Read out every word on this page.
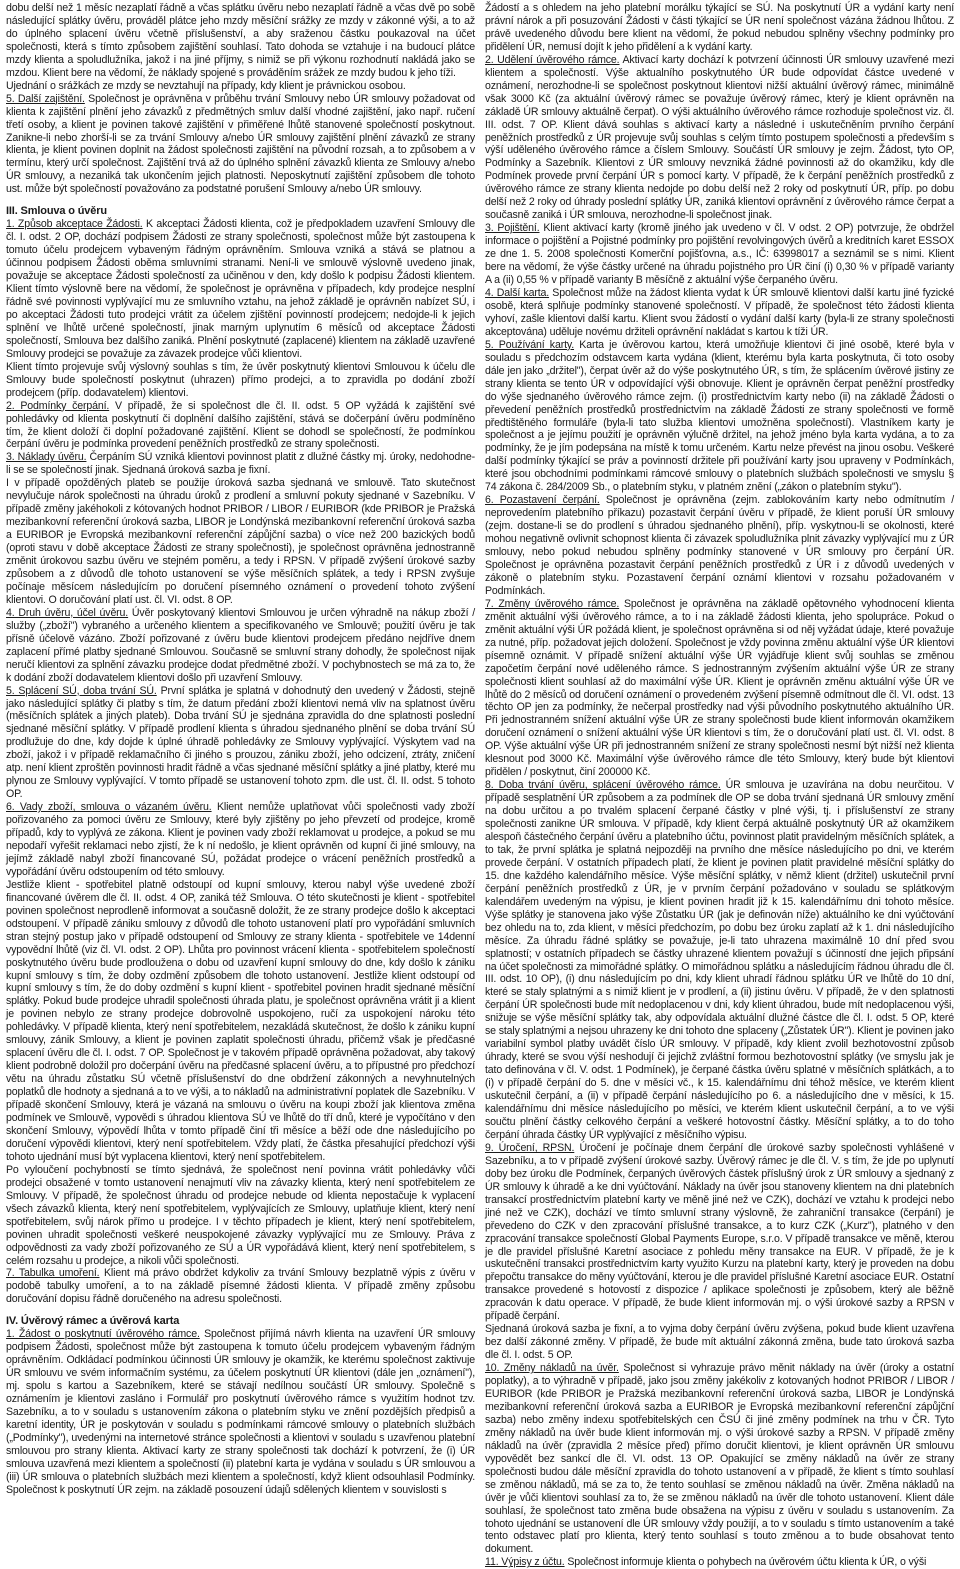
dobu delší než 1 měsíc nezaplatí řádně a včas splátku úvěru nebo nezaplatí řádně a včas dvě po sobě následující splátky úvěru, prováděl plátce jeho mzdy měsíční srážky ze mzdy v zákonné výši, a to až do úplného splacení úvěru včetně příslušenství, a aby sraženou částku poukazoval na účet společnosti, která s tímto způsobem zajištění souhlasí. Tato dohoda se vztahuje i na budoucí plátce mzdy klienta a spoludlužníka, jakož i na jiné příjmy, s nimiž se při výkonu rozhodnutí nakládá jako se mzdou. Klient bere na vědomí, že náklady spojené s prováděním srážek ze mzdy budou k jeho tíži.

Ujednání o srážkách ze mzdy se nevztahují na případy, kdy klient je právnickou osobou.

5. Další zajištění. Společnost je oprávněna v průběhu trvání Smlouvy nebo ÚR smlouvy požadovat od klienta k zajištění plnění jeho závazků z předmětných smluv další vhodné zajištění, jako např. ručení třetí osoby, a klient je povinen takové zajištění v přiměřené lhůtě stanovené společností poskytnout. Zanikne-li nebo zhorší-li se za trvání Smlouvy a/nebo ÚR smlouvy zajištění plnění závazků ze strany klienta, je klient povinen doplnit na žádost společnosti zajištění na původní rozsah, a to způsobem a v termínu, který určí společnost. Zajištění trvá až do úplného splnění závazků klienta ze Smlouvy a/nebo ÚR smlouvy, a nezaniká tak ukončením jejich platnosti. Neposkytnutí zajištění způsobem dle tohoto ust. může být společností považováno za podstatné porušení Smlouvy a/nebo ÚR smlouvy.

III. Smlouva o úvěru

1. Způsob akceptace Žádosti. K akceptaci Žádosti klienta, což je předpokladem uzavření Smlouvy dle čl. I. odst. 2 OP, dochází podpisem Žádosti ze strany společnosti, společnost může být zastoupena k tomuto účelu prodejcem vybaveným řádným oprávněním. Smlouva vzniká a stává se platnou a účinnou podpisem Žádosti oběma smluvními stranami. Není-li ve smlouvě výslovně uvedeno jinak, považuje se akceptace Žádosti společností za učiněnou v den, kdy došlo k podpisu Žádosti klientem. Klient tímto výslovně bere na vědomí, že společnost je oprávněna v případech, kdy prodejce nesplní řádně své povinnosti vyplývající mu ze smluvního vztahu, na jehož základě je oprávněn nabízet SÚ, i po akceptaci Žádosti tuto prodejci vrátit za účelem zjištění povinností prodejcem; nedojde-li k jejich splnění ve lhůtě určené společností, jinak marným uplynutím 6 měsíců od akceptace Žádosti společností, Smlouva bez dalšího zaniká. Plnění poskytnuté (zaplacené) klientem na základě uzavřené Smlouvy prodejci se považuje za závazek prodejce vůči klientovi.

Klient tímto projevuje svůj výslovný souhlas s tím, že úvěr poskytnutý klientovi Smlouvou k účelu dle Smlouvy bude společností poskytnut (uhrazen) přímo prodejci, a to zpravidla po dodání zboží prodejcem (příp. dodavatelem) klientovi.

2. Podmínky čerpání. V případě, že si společnost dle čl. II. odst. 5 OP vyžádá k zajištění své pohledávky od klienta poskytnutí či doplnění dalšího zajištění, stává se dočerpání úvěru podmíněno tím, že klient doloží či doplní požadované zajištění. Klient se dohodl se společností, že podmínkou čerpání úvěru je podmínka provedení peněžních prostředků ze strany společnosti.

3. Náklady úvěru. Čerpáním SÚ vzniká klientovi povinnost platit z dlužné částky mj. úroky, nedohodne-li se se společností jinak. Sjednaná úroková sazba je fixní.

I v případě opožděných plateb se použije úroková sazba sjednaná ve smlouvě. Tato skutečnost nevylučuje nárok společnosti na úhradu úroků z prodlení a smluvní pokuty sjednané v Sazebníku. V případě změny jakéhokoli z kótovaných hodnot PRIBOR / LIBOR / EURIBOR (kde PRIBOR je Pražská mezibankovní referenční úroková sazba, LIBOR je Londýnská mezibankovní referenční úroková sazba a EURIBOR je Evropská mezibankovní referenční zápůjční sazba) o více než 200 bazických bodů (oproti stavu v době akceptace Žádosti ze strany společnosti), je společnost oprávněna jednostranně změnit úrokovou sazbu úvěru ve stejném poměru, a tedy i RPSN. V případě zvýšení úrokové sazby způsobem a z důvodů dle tohoto ustanovení se výše měsíčních splátek, a tedy i RPSN zvyšuje počínaje měsícem následujícím po doručení písemného oznámení o provedení tohoto zvýšení klientovi. O doručování platí ust. čl. VI. odst. 8 OP.

4. Druh úvěru, účel úvěru. Úvěr poskytovaný klientovi Smlouvou je určen výhradně na nákup zboží / služby („zboží") vybraného a určeného klientem a specifikovaného ve Smlouvě; použití úvěru je tak přísně účelově vázáno. Zboží pořizované z úvěru bude klientovi prodejcem předáno nejdříve dnem zaplacení přímé platby sjednané Smlouvou. Současně se smluvní strany dohodly, že společnost nijak neručí klientovi za splnění závazku prodejce dodat předmětné zboží. V pochybnostech se má za to, že k dodání zboží dodavatelem klientovi došlo při uzavření Smlouvy.

5. Splácení SÚ, doba trvání SÚ. První splátka je splatná v dohodnutý den uvedený v Žádosti, stejně jako následující splátky či platby s tím, že datum předání zboží klientovi nemá vliv na splatnost úvěru (měsíčních splátek a jiných plateb). Doba trvání SÚ je sjednána zpravidla do dne splatnosti poslední sjednané měsíční splátky. V případě prodlení klienta s úhradou sjednaného plnění se doba trvání SÚ prodlužuje do dne, kdy dojde k úplné úhradě pohledávky ze Smlouvy vyplývající. Výskytem vad na zboží, jakož i v případě reklamačního či jiného s prouzou, zániku zboží, jeho odcizení, ztráty, zničení atp. není klient zproštěn povinnosti hradit řádně a včas sjednané měsíční splátky a jiné platby, které mu plynou ze Smlouvy vyplývající. V tomto případě se ustanovení tohoto zpm. dle ust. čl. II. odst. 5 tohoto OP.

6. Vady zboží, smlouva o vázaném úvěru. Klient nemůže uplatňovat vůči společnosti vady zboží pořizovaného za pomoci úvěru ze Smlouvy, které byly zjištěny po jeho převzetí od prodejce, kromě případů, kdy to vyplývá ze zákona. Klient je povinen vady zboží reklamovat u prodejce, a pokud se mu nepodaří vyřešit reklamaci nebo zjistí, že k ní nedošlo, je klient oprávněn od kupní či jiné smlouvy, na jejímž základě nabyl zboží financované SÚ, požádat prodejce o vrácení peněžních prostředků a vypořádání úvěru odstoupením od této smlouvy.

Jestliže klient - spotřebitel platně odstoupí od kupní smlouvy, kterou nabyl výše uvedené zboží financované úvěrem dle čl. II. odst. 4 OP, zaniká též Smlouva. O této skutečnosti je klient - spotřebitel povinen společnost neprodleně informovat a současně doložit, že ze strany prodejce došlo k akceptaci odstoupení. V případě zániku smlouvy z důvodů dle tohoto ustanovení platí pro vypořádání smluvních stran stejný postup jako v případě odstoupení od Smlouvy ze strany klienta - spotřebitele ve 14denní vypovědní lhůtě (viz čl. VI. odst. 2 OP). Lhůta pro povinnost vrácení klienta - spotřebitelem společností poskytnutého úvěru bude prodloužena o dobu od uzavření kupní smlouvy do dne, kdy došlo k zániku kupní smlouvy s tím, že doby ozdmění způsobem dle tohoto ustanovení. Jestliže klient odstoupí od kupní smlouvy s tím, že do doby ozdmění s kupní klient - spotřebitel povinen hradit sjednané měsíční splátky. Pokud bude prodejce uhradil společnosti úhrada platu, je společnost oprávněna vrátit ji a klient je povinen nebylo ze strany prodejce dobrovolně uspokojeno, ručí za uspokojení nároku této pohledávky. V případě klienta, který není spotřebitelem, nezakládá skutečnost, že došlo k zániku kupní smlouvy, zánik Smlouvy, a klient je povinen zaplatit společnosti úhradu, přičemž však je předčasné splacení úvěru dle čl. I. odst. 7 OP. Společnost je v takovém případě oprávněna požadovat, aby takový klient podrobně doložil pro dočerpání úvěru na předčasné splacení úvěru, a to přípustné pro předchozí větu na úhradu zůstatku SÚ včetně příslušenství do dne obdržení zákonných a nevyhnutelných poplatků dle hodnoty a sjednaná a to ve výši, a to nákladů na administrativní poplatek dle Sazebníku. V případě skončení Smlouvy, která je vázaná na smlouvu o úvěru na koupi zboží jak klientova změna podmínek ve Smlouvě, vypovědi s úhradou klientova SÚ ve lhůtě do tří dnů, které je vypočítáno v den skončení Smlouvy, výpovědí lhůta v tomto případě činí tři měsíce a běží ode dne následujícího po doručení výpovědi klientovi, který není spotřebitelem. Vždy platí, že částka přesahující předchozí výši tohoto ujednání musí být vyplacena klientovi, který není spotřebitelem.

Po vyloučení pochybností se tímto sjednává, že společnost není povinna vrátit pohledávky vůči prodejci obsažené v tomto ustanovení nenajmutí vliv na závazky klienta, který není spotřebitelem ze Smlouvy. V případě, že společnost úhradu od prodejce nebude od klienta nepostačuje k vyplacení všech závazků klienta, který není spotřebitelem, vyplývajících ze Smlouvy, uplatňuje klient, který není spotřebitelem, svůj nárok přímo u prodejce. I v těchto případech je klient, který není spotřebitelem, povinen uhradit společnosti veškeré neuspokojené závazky vyplývající mu ze Smlouvy. Práva z odpovědnosti za vady zboží pořizovaného ze SÚ a ÚR vypořádává klient, který není spotřebitelem, s celém rozsahu u prodejce, a nikoli vůči společnosti.

7. Tabulka umoření. Klient má právo obdržet kdykoliv za trvání Smlouvy bezplatně výpis z úvěru v podobě tabulky umoření, a to na základě písemné žádosti klienta. V případě změny způsobu doručování dopisu řádně doručeného na adresu společnosti.

IV. Úvěrový rámec a úvěrová karta

1. Žádost o poskytnutí úvěrového rámce. Společnost přijímá návrh klienta na uzavření ÚR smlouvy podpisem Žádosti, společnost může být zastoupena k tomuto účelu prodejcem vybaveným řádným oprávněním. Odkládací podmínkou účinnosti ÚR smlouvy je okamžik, ke kterému společnost zaktivuje ÚR smlouvu ve svém informačním systému, za účelem poskytnutí ÚR klientovi (dále jen „oznámení"), mj. spolu s kartou a Sazebníkem, které se stávají nedílnou součástí ÚR smlouvy. Společně s oznámením je klientovi zasláno i Formulář pro poskytnutí úvěrového rámce s využitím hodnot tzv. Sazebníku, a to v souladu s ustanovením zákona o platebním styku ve znění pozdějších předpisů a karetní identity, ÚR je poskytován v souladu s podmínkami rámcové smlouvy o platebních službách („Podmínky"), uvedenými na internetové stránce společnosti a klientovi v souladu s uzavřenou platební smlouvou pro strany klienta. Aktivací karty ze strany společnosti tak dochází k potvrzení, že (i) ÚR smlouva uzavřená mezi klientem a společností (ii) platební karta je vydána v souladu s ÚR smlouvou a (iii) ÚR smlouva o platebních službách mezi klientem a společností, když klient odsouhlasil Podmínky. Společnost k poskytnutí ÚR zejm. na základě posouzení údajů sdělených klientem v souvislosti s

Žádostí a s ohledem na jeho platební morálku týkající se SÚ. Na poskytnutí ÚR a vydání karty není právní nárok a při posuzování Žádosti v části týkající se ÚR není společnost vázána žádnou lhůtou. Z právě uvedeného důvodu bere klient na vědomí, že pokud nebudou splněny všechny podmínky pro přidělení ÚR, nemusí dojít k jeho přidělení a k vydání karty.

2. Udělení úvěrového rámce. Aktivací karty dochází k potvrzení účinnosti ÚR smlouvy uzavřené mezi klientem a společností. Výše aktualního poskytnutého ÚR bude odpovídat částce uvedené v oznámení, nerozhodne-li se společnost poskytnout klientovi nižší aktuální úvěrový rámec, minimálně však 3000 Kč (za aktuální úvěrový rámec se považuje úvěrový rámec, který je klient oprávněn na základě ÚR smlouvy aktuálně čerpat). O výši aktuálního úvěrového rámce rozhoduje společnost viz. čl. III. odst. 7 OP. Klient dává souhlas s aktivací karty a následné i uskutečněním prvního čerpání peněžních prostředků z ÚR projevuje svůj souhlas s celým tímto postupem společnosti a především s výší uděleného úvěrového rámce a číslem Smlouvy. Součástí ÚR smlouvy je zejm. Žádost, tyto OP, Podmínky a Sazebník. Klientovi z ÚR smlouvy nevzniká žádné povinnosti až do okamžiku, kdy dle Podmínek provede první čerpání ÚR s pomocí karty. V případě, že k čerpání peněžních prostředků z úvěrového rámce ze strany klienta nedojde po dobu delší než 2 roky od poskytnutí ÚR, příp. po dobu delší než 2 roky od úhrady poslední splátky ÚR, zaniká klientovi oprávnění z úvěrového rámce čerpat a současně zaniká i ÚR smlouva, nerozhodne-li společnost jinak.

3. Pojištění. Klient aktivací karty (kromě jiného jak uvedeno v čl. V odst. 2 OP) potvrzuje, že obdržel informace o pojištění a Pojistné podmínky pro pojištění revolvingových úvěrů a kreditních karet ESSOX ze dne 1. 5. 2008 společnosti Komerční pojišťovna, a.s., IČ: 63998017 a seznámil se s nimi. Klient bere na vědomí, že výše částky určené na úhradu pojistného pro ÚR činí (i) 0,30 % v případě varianty A a (ii) 0,55 % v případě varianty B měsíčně z aktuální výše čerpaného úvěru.

4. Další karta. Společnost může na žádost klienta vydat k ÚR smlouvě klientovi další kartu jiné fyzické osobě, která splňuje podmínky stanovené společností. V případě, že společnost této žádosti klienta vyhoví, zašle klientovi další kartu. Klient svou žádostí o vydání další karty (byla-li ze strany společnosti akceptována) uděluje novému držiteli oprávnění nakládat s kartou k tíži ÚR.

5. Používání karty. Karta je úvěrovou kartou, která umožňuje klientovi či jiné osobě, které byla v souladu s předchozím odstavcem karta vydána (klient, kterému byla karta poskytnuta, či toto osoby dále jen jako „držitel"), čerpat úvěr až do výše poskytnutého ÚR, s tím, že splácením úvěrové jistiny ze strany klienta se tento ÚR v odpovídající výši obnovuje. Klient je oprávněn čerpat peněžní prostředky do výše sjednaného úvěrového rámce zejm. (i) prostřednictvím karty nebo (ii) na základě Žádosti o převedení peněžních prostředků prostřednictvím na základě Žádosti ze strany společnosti ve formě předtištěného formuláře (byla-li tato služba klientovi umožněna společností). Vlastníkem karty je společnost a je jejímu použití je oprávněn výlučně držitel, na jehož jméno byla karta vydána, a to za podmínky, že je jím podepsána na místě k tomu určeném. Kartu nelze převést na jinou osobu. Veškeré další podmínky týkající se práv a povinností držitele při používání karty jsou upraveny v Podmínkách, které jsou obchodními podmínkami rámcové smlouvy o platebních službách společnosti ve smyslu § 74 zákona č. 284/2009 Sb., o platebním styku, v platném znění („zákon o platebním styku").

6. Pozastavení čerpání. Společnost je oprávněna (zejm. zablokováním karty nebo odmítnutím / neprovedením platebního příkazu) pozastavit čerpání úvěru v případě, že klient poruší ÚR smlouvy (zejm. dostane-li se do prodlení s úhradou sjednaného plnění), příp. vyskytnou-li se okolnosti, které mohou negativně ovlivnit schopnost klienta či závazek spoludlužníka plnit závazky vyplývající mu z ÚR smlouvy, nebo pokud nebudou splněny podmínky stanovené v ÚR smlouvy pro čerpání ÚR. Společnost je oprávněna pozastavit čerpání peněžních prostředků z ÚR i z důvodů uvedených v zákoně o platebním styku. Pozastavení čerpání oznámí klientovi v rozsahu požadovaném v Podmínkách.

7. Změny úvěrového rámce. Společnost je oprávněna na základě opětovného vyhodnocení klienta změnit aktuální výši úvěrového rámce, a to i na základě žádosti klienta, jeho spolupráce. Pokud o změnit aktuální výši ÚR požádá klient, je společnost oprávněna si od něj vyžádat údaje, které považuje za nutné, příp. požadovat jejich doložení. Společnost je vždy povinna změnu aktuální výše ÚR klientovi písemně oznámit. V případě snížení aktuální výše ÚR vyjádřuje klient svůj souhlas se změnou započetím čerpání nové uděleného rámce. S jednostranným zvýšením aktuální výše ÚR ze strany společnosti klient souhlasí až do maximální výše ÚR. Klient je oprávněn změnu aktuální výše ÚR ve lhůtě do 2 měsíců od doručení oznámení o provedeném zvýšení písemně odmítnout dle čl. VI. odst. 13 těchto OP jen za podmínky, že nečerpal prostředky nad výši původního poskytnutého aktuálního ÚR. Při jednostranném snížení aktuální výše ÚR ze strany společnosti bude klient informován okamžikem doručení oznámení o snížení aktuální výše ÚR klientovi s tím, že o doručování platí ust. čl. VI. odst. 8 OP. Výše aktuální výše ÚR při jednostranném snížení ze strany společnosti nesmí být nižší než klienta klesnout pod 3000 Kč. Maximální výše úvěrového rámce dle této Smlouvy, který bude být klientovi přidělen / poskytnut, činí 200000 Kč.

8. Doba trvání úvěru, splácení úvěrového rámce. ÚR smlouva je uzavírána na dobu neurčitou. V případě sesplatnění ÚR způsobem a za podmínek dle OP se doba trvání sjednaná ÚR smlouvy změní na dobu určitou a po trvalém splacení čerpané částky v plné výši, tj. i příslušenství ze strany společnosti zanikne ÚR smlouva. V případě, kdy klient čerpá aktuálně poskytnutý ÚR až okamžikem alespoň částečného čerpání úvěru a platebního účtu, povinnost platit pravidelným měsíčních splátek, a to tak, že první splátka je splatná nejpozději na prvního dne měsíce následujícího po dni, ve kterém provede čerpání. V ostatních případech platí, že klient je povinen platit pravidelné měsíční splátky do 15. dne každého kalendářního měsíce. Výše měsíční splátky, v němž klient (držitel) uskutečnil první čerpání peněžních prostředků z ÚR, je v prvním čerpání požadováno v souladu se splátkovým kalendářem uvedeným na výpisu, je klient povinen hradit již k 15. kalendářnímu dni tohoto měsíce. Výše splátky je stanovena jako výše Zůstatku ÚR (jak je definován níže) aktuálního ke dni vyúčtování bez ohledu na to, zda klient, v měsíci předchozím, po dobu bez úroku zaplatí až k 1. dni následujícího měsíce. Za úhradu řádné splátky se považuje, je-li tato uhrazena maximálně 10 dní před svou splatností; v ostatních případech se částky uhrazené klientem považují s účinností dne jejich připsání na účet společnosti za mimořádné splátky. O mimořádnou splátku a následujícím řádnou úhradu dle čl. III. odst. 10 OP), (i) dnu následujícím po dni, kdy klient uhradí řádnou splátku ÚR ve lhůtě do 10 dní, které se staly splatnými a s nimiž klient je v prodlení, a (ii) jistinu úvěru. V případě, že v den splatnosti čerpání ÚR společnosti bude mít nedoplacenou v dni, kdy klient úhradou, bude mít nedoplacenou výši, snižuje se výše měsíční splátky tak, aby odpovídala aktuální dlužné částce dle čl. I. odst. 5 OP, které se staly splatnými a nejsou uhrazeny ke dni tohoto dne splaceny („Zůstatek ÚR"). Klient je povinen jako variabilní symbol platby uvádět číslo ÚR smlouvy. V případě, kdy klient zvolil bezhotovostní způsob úhrady, které se svou výší neshodují či jejichž zvláštní formou bezhotovostní splátky (ve smyslu jak je tato definována v čl. V. odst. 1 Podmínek), je čerpané částka úvěru splatné v měsíčních splátkách, a to (i) v případě čerpání do 5. dne v měsíci vč., k 15. kalendářnímu dni téhož měsíce, ve kterém klient uskutečnil čerpání, a (ii) v případě čerpání následujícího po 6. a následujícího dne v měsíci, k 15. kalendářnímu dni měsíce následujícího po měsíci, ve kterém klient uskutečnil čerpání, a to ve výši součtu plnění částky celkového čerpání a veškeré hotovostní částky. Měsíční splátky, a to do toho čerpání úhrada částky ÚR vyplývající z měsíčního výpisu.

9. Úročení, RPSN. Úročení je počínaje dnem čerpání dle úrokové sazby společnosti vyhlášené v Sazebníku, a to v případě zvýšení úrokové sazby. Úvěrový rámec je dle čl. V. s tím, že jde po uplynutí doby bez úroku dle Podmínek, čerpaných úvěrových částek příslušný úrok z ÚR smlouvy a sjednaný z ÚR smlouvy k úhradě a ke dni vyúčtování. Náklady na úvěr jsou stanoveny klientem na dni platebních transakcí prostřednictvím platební karty ve měně jiné než ve CZK), dochází ve vztahu k prodejci nebo jiné než ve CZK), dochází ve tímto smluvní strany výslovně, že zahraniční transakce (čerpání) je převedeno do CZK v den zpracování příslušné transakce, a to kurz CZK („Kurz"), platného v den zpracování transakce společností Global Payments Europe, s.r.o. V případě transakce ve měně, kterou je dle pravidel příslušné Karetní asociace z pohledu měny transakce na EUR. V případě, že je k uskutečnění transakci prostřednictvím karty využito Kurzu na platební karty, který je proveden na dobu přepočtu transakce do měny vyúčtování, kterou je dle pravidel příslušné Karetní asociace EUR. Ostatní transakce provedené s hotovostí z dispozice / aplikace společnosti je způsobem, který ale běžně zpracován k datu operace. V případě, že bude klient informován mj. o výši úrokové sazby a RPSN v případě čerpání.

Sjednaná úroková sazba je fixní, a to vyjma doby čerpání úvěru zvýšena, pokud bude klient uzavřena bez další zákonné změny. V případě, že bude mít aktuální zákonná změna, bude tato úroková sazba dle čl. I. odst. 5 OP.

10. Změny nákladů na úvěr. Společnost si vyhrazuje právo měnit náklady na úvěr (úroky a ostatní poplatky), a to výhradně v případě, jako jsou změny jakékoliv z kotovaných hodnot PRIBOR / LIBOR / EURIBOR (kde PRIBOR je Pražská mezibankovní referenční úroková sazba, LIBOR je Londýnská mezibankovní referenční úroková sazba a EURIBOR je Evropská mezibankovní referenční zápůjční sazba) nebo změny indexu spotřebitelských cen ČSÚ či jiné změny podmínek na trhu v ČR. Tyto změny nákladů na úvěr bude klient informován mj. o výši úrokové sazby a RPSN. V případě změny nákladů na úvěr (zpravidla 2 měsíce před) přímo doručit klientovi, je klient oprávněn ÚR smlouvu vypovědět bez sankcí dle čl. VI. odst. 13 OP. Opakující se změny nákladů na úvěr ze strany společnosti budou dále měsíční zpravidla do tohoto ustanovení a v případě, že klient s tímto souhlasí se změnou nákladů, má se za to, že tento souhlasí se změnou nákladů na úvěr. Změna nákladů na úvěr je vůči klientovi souhlasí za to, že se změnou nákladů na úvěr dle tohoto ustanovení. Klient dále souhlasí, že společnost tato změna bude obsažena na výpisu z úvěru v souladu s ustanovením. Za tohoto ujednání se ustanovení dle ÚR smlouvy vždy použijí, a to v souladu s tímto ustanovením a také tento odstavec platí pro klienta, který tento souhlasí s touto změnou a to bude obsahovat tento dokument.

11. Výpisy z účtu. Společnost informuje klienta o pohybech na úvěrovém účtu klienta k ÚR, o výši
